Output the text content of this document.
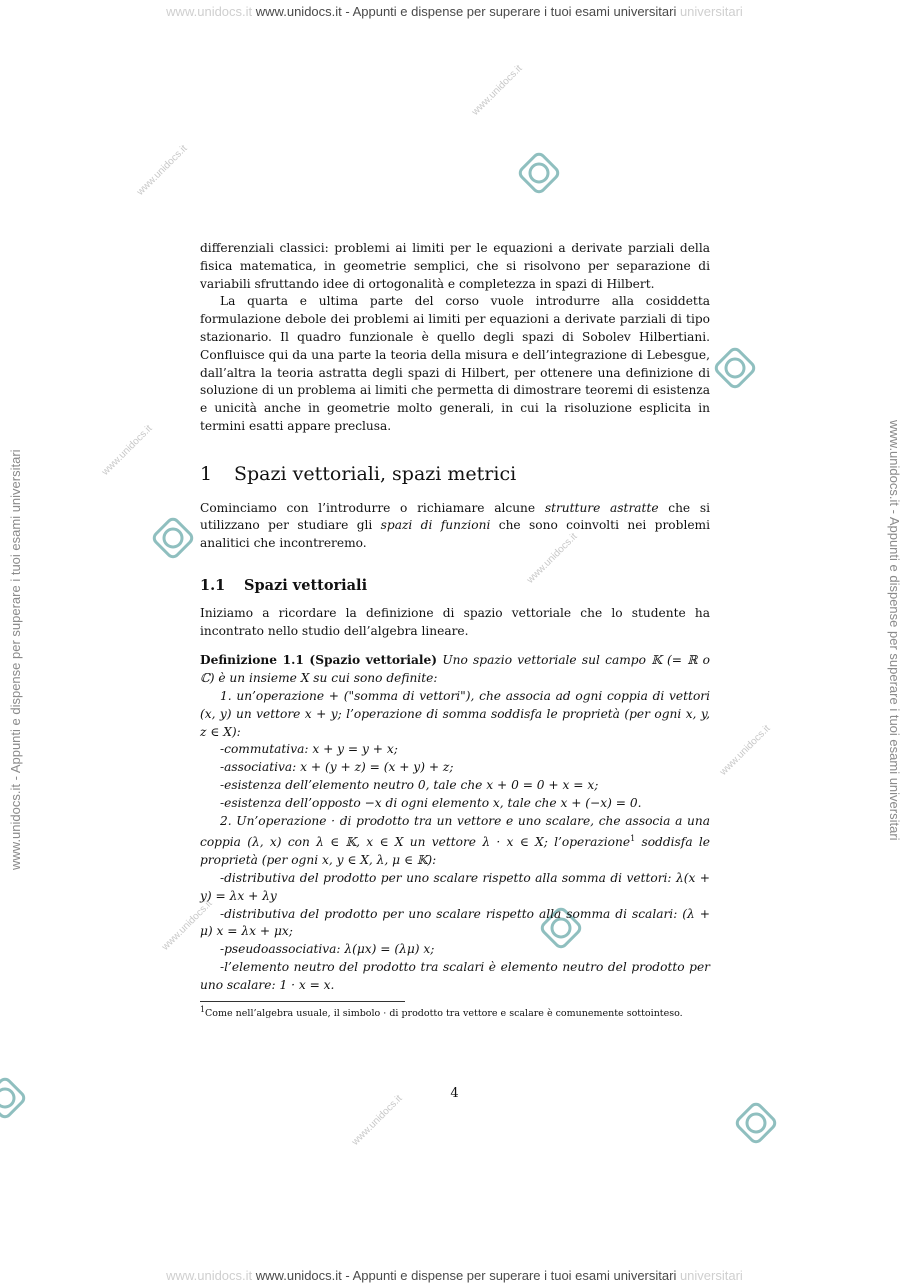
www.unidocs.it www.unidocs.it - Appunti e dispense per superare i tuoi esami universitari universitari
www.unidocs.it www.unidocs.it - Appunti e dispense per superare i tuoi esami universitari universitari
www.unidocs.it - Appunti e dispense per superare i tuoi esami universitari	www.unidocs.it - Appunti e dispense per superare i tuoi esami universitari
www.unidocs.it
www.unidocs.it
www.unidocs.it
www.unidocs.it
www.unidocs.it
www.unidocs.it
www.unidocs.it

differenziali classici: problemi ai limiti per le equazioni a derivate parziali della fisica matematica, in geometrie semplici, che si risolvono per separazione di variabili sfruttando idee di ortogonalità e completezza in spazi di Hilbert.

La quarta e ultima parte del corso vuole introdurre alla cosiddetta formulazione debole dei problemi ai limiti per equazioni a derivate parziali di tipo stazionario. Il quadro funzionale è quello degli spazi di Sobolev Hilbertiani. Confluisce qui da una parte la teoria della misura e dell’integrazione di Lebesgue, dall’altra la teoria astratta degli spazi di Hilbert, per ottenere una definizione di soluzione di un problema ai limiti che permetta di dimostrare teoremi di esistenza e unicità anche in geometrie molto generali, in cui la risoluzione esplicita in termini esatti appare preclusa.

1 Spazi vettoriali, spazi metrici

Cominciamo con l’introdurre o richiamare alcune strutture astratte che si utilizzano per studiare gli spazi di funzioni che sono coinvolti nei problemi analitici che incontreremo.

1.1 Spazi vettoriali

Iniziamo a ricordare la definizione di spazio vettoriale che lo studente ha incontrato nello studio dell’algebra lineare.

Definizione 1.1 (Spazio vettoriale) Uno spazio vettoriale sul campo 𝕂 (= ℝ o ℂ) è un insieme X su cui sono definite:

1. un’operazione + ("somma di vettori"), che associa ad ogni coppia di vettori (x, y) un vettore x + y; l’operazione di somma soddisfa le proprietà (per ogni x, y, z ∈ X):

-commutativa: x + y = y + x;
-associativa: x + (y + z) = (x + y) + z;
-esistenza dell’elemento neutro 0, tale che x + 0 = 0 + x = x;
-esistenza dell’opposto −x di ogni elemento x, tale che x + (−x) = 0.

2. Un’operazione · di prodotto tra un vettore e uno scalare, che associa a una coppia (λ, x) con λ ∈ 𝕂, x ∈ X un vettore λ · x ∈ X; l’operazione$^1$ soddisfa le proprietà (per ogni x, y ∈ X, λ, μ ∈ 𝕂):

-distributiva del prodotto per uno scalare rispetto alla somma di vettori: λ(x + y) = λx + λy

-distributiva del prodotto per uno scalare rispetto alla somma di scalari: (λ + μ) x = λx + μx;

-pseudoassociativa: λ(μx) = (λμ) x;

-l’elemento neutro del prodotto tra scalari è elemento neutro del prodotto per uno scalare: 1 · x = x.

$^1$Come nell’algebra usuale, il simbolo · di prodotto tra vettore e scalare è comunemente sottointeso.

4
